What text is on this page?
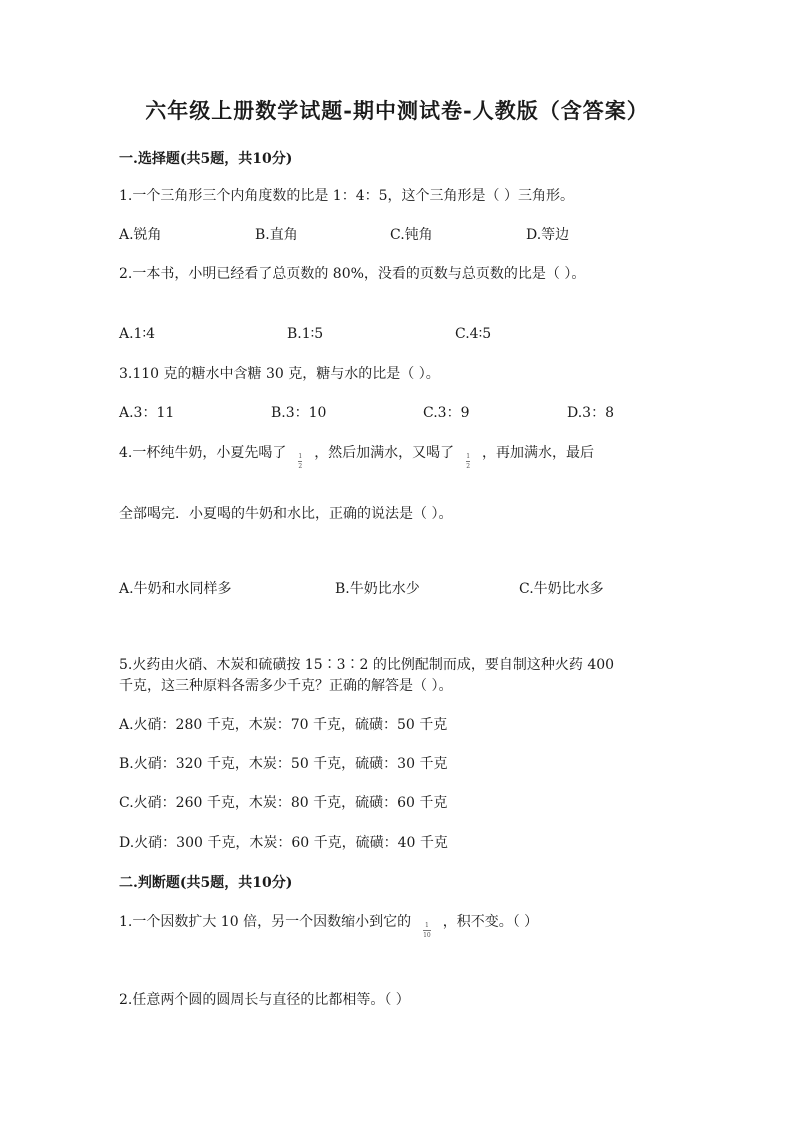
六年级上册数学试题-期中测试卷-人教版（含答案）
一.选择题(共5题，共10分)
1.一个三角形三个内角度数的比是 1：4：5，这个三角形是（ ）三角形。
A.锐角	B.直角	C.钝角	D.等边
2.一本书，小明已经看了总页数的 80%，没看的页数与总页数的比是（ ）。
A.1∶4	B.1∶5	C.4∶5
3.110 克的糖水中含糖 30 克，糖与水的比是（ ）。
A.3：11	B.3：10	C.3：9	D.3：8
4.一杯纯牛奶，小夏先喝了 $\frac{1}{2}$ ，然后加满水，又喝了 $\frac{1}{2}$ ，再加满水，最后
全部喝完．小夏喝的牛奶和水比，正确的说法是（ ）。
A.牛奶和水同样多	B.牛奶比水少	C.牛奶比水多
5.火药由火硝、木炭和硫磺按 15∶3∶2 的比例配制而成，要自制这种火药 400
千克，这三种原料各需多少千克？正确的解答是（ ）。
A.火硝：280 千克，木炭：70 千克，硫磺：50 千克
B.火硝：320 千克，木炭：50 千克，硫磺：30 千克
C.火硝：260 千克，木炭：80 千克，硫磺：60 千克
D.火硝：300 千克，木炭：60 千克，硫磺：40 千克
二.判断题(共5题，共10分)
1.一个因数扩大 10 倍，另一个因数缩小到它的 $\frac{1}{10}$ ，积不变。（ ）
2.任意两个圆的圆周长与直径的比都相等。（ ）
